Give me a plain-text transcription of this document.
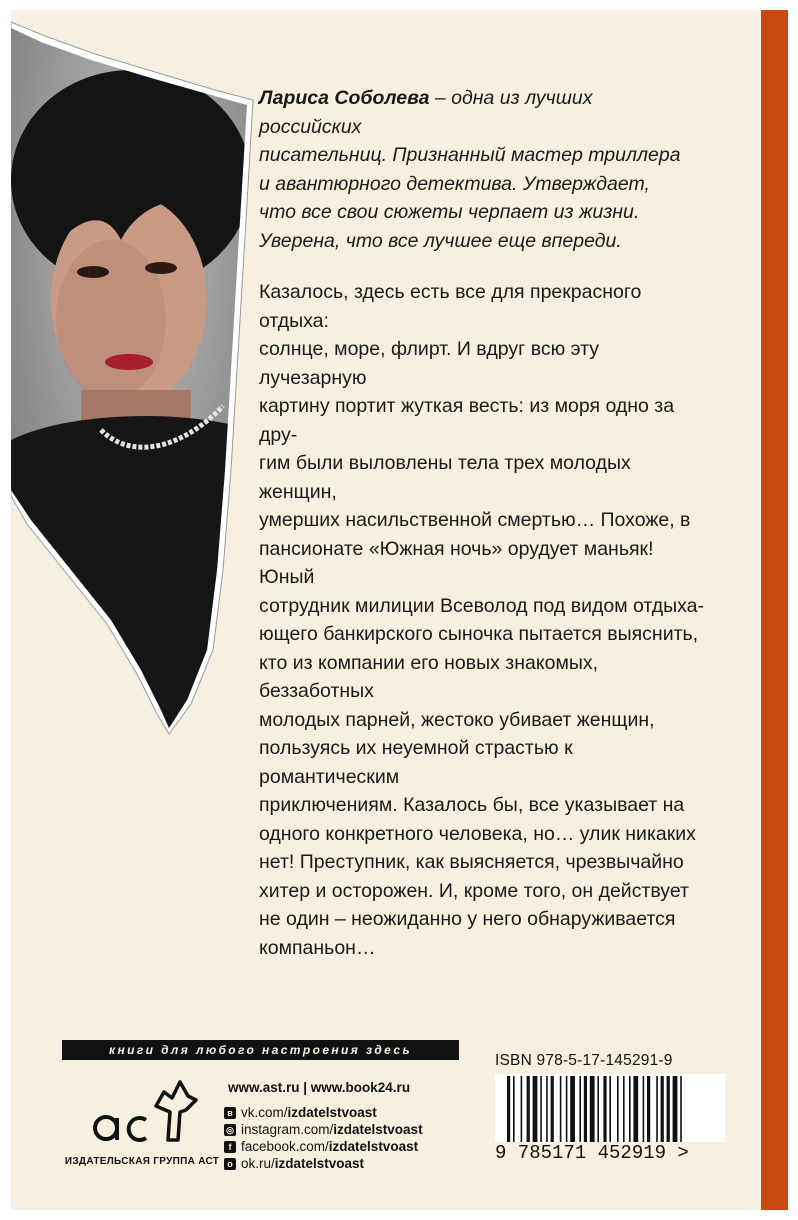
Лариса Соболева – одна из лучших российских

писательниц. Признанный мастер триллера

и авантюрного детектива. Утверждает,

что все свои сюжеты черпает из жизни.

Уверена, что все лучшее еще впереди.

Казалось, здесь есть все для прекрасного отдыха:

солнце, море, флирт. И вдруг всю эту лучезарную

картину портит жуткая весть: из моря одно за дру-

гим были выловлены тела трех молодых женщин,

умерших насильственной смертью… Похоже, в

пансионате «Южная ночь» орудует маньяк! Юный

сотрудник милиции Всеволод под видом отдыха-

ющего банкирского сыночка пытается выяснить,

кто из компании его новых знакомых, беззаботных

молодых парней, жестоко убивает женщин,

пользуясь их неуемной страстью к романтическим

приключениям. Казалось бы, все указывает на

одного конкретного человека, но… улик никаких

нет! Преступник, как выясняется, чрезвычайно

хитер и осторожен. И, кроме того, он действует

не один – неожиданно у него обнаруживается

компаньон…

книги для любого настроения здесь
ИЗДАТЕЛЬСКАЯ ГРУППА АСТ
www.ast.ru | www.book24.ru
в vk.com/ izdatelstvoast
◎ instagram.com/ izdatelstvoast
f facebook.com/ izdatelstvoast
о ok.ru/ izdatelstvoast
ISBN 978-5-17-145291-9
9 785171 452919 >
